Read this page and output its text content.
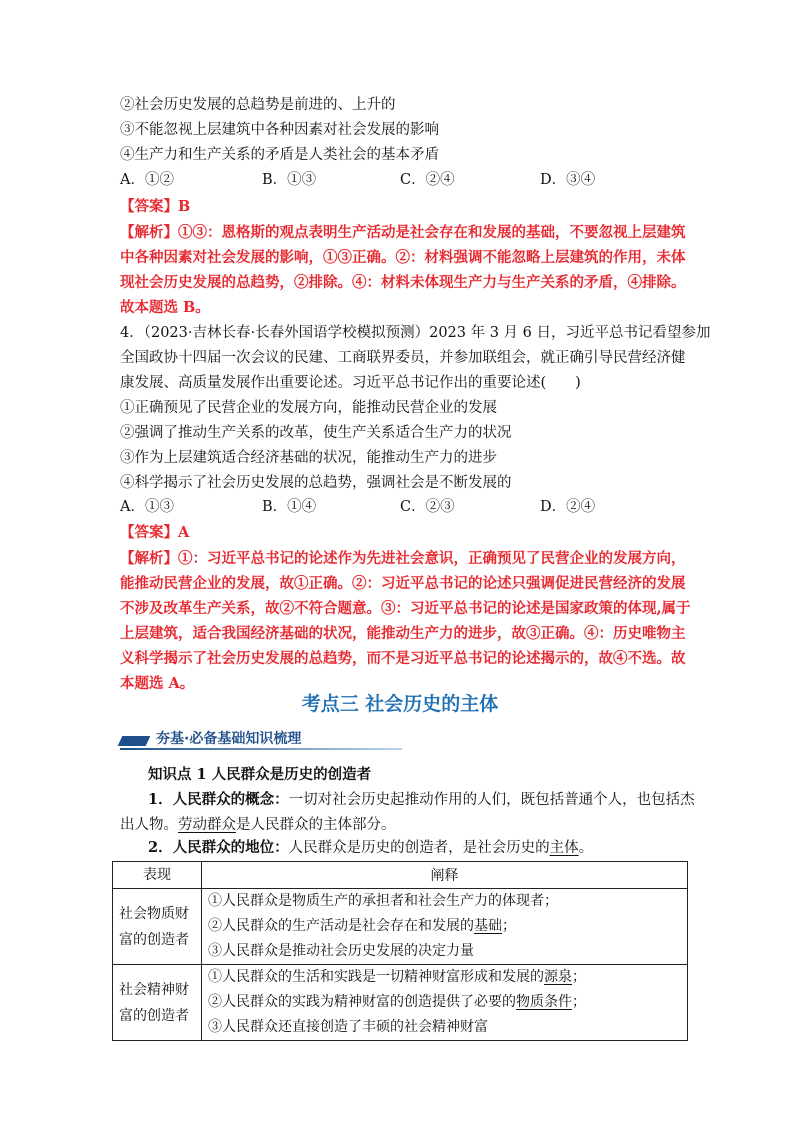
②社会历史发展的总趋势是前进的、上升的
③不能忽视上层建筑中各种因素对社会发展的影响
④生产力和生产关系的矛盾是人类社会的基本矛盾
A．①②	B．①③	C．②④	D．③④
【答案】B
【解析】①③：恩格斯的观点表明生产活动是社会存在和发展的基础，不要忽视上层建筑
中各种因素对社会发展的影响，①③正确。②：材料强调不能忽略上层建筑的作用，未体
现社会历史发展的总趋势，②排除。④：材料未体现生产力与生产关系的矛盾，④排除。
故本题选 B。
4．（2023·吉林长春·长春外国语学校模拟预测）2023 年 3 月 6 日，习近平总书记看望参加
全国政协十四届一次会议的民建、工商联界委员，并参加联组会，就正确引导民营经济健
康发展、高质量发展作出重要论述。习近平总书记作出的重要论述(　　)
①正确预见了民营企业的发展方向，能推动民营企业的发展
②强调了推动生产关系的改革，使生产关系适合生产力的状况
③作为上层建筑适合经济基础的状况，能推动生产力的进步
④科学揭示了社会历史发展的总趋势，强调社会是不断发展的
A．①③	B．①④	C．②③	D．②④
【答案】A
【解析】①：习近平总书记的论述作为先进社会意识，正确预见了民营企业的发展方向，
能推动民营企业的发展，故①正确。②：习近平总书记的论述只强调促进民营经济的发展
不涉及改革生产关系，故②不符合题意。③：习近平总书记的论述是国家政策的体现,属于
上层建筑，适合我国经济基础的状况，能推动生产力的进步，故③正确。④：历史唯物主
义科学揭示了社会历史发展的总趋势，而不是习近平总书记的论述揭示的，故④不选。故
本题选 A。
考点三 社会历史的主体
夯基·必备基础知识梳理
知识点 1 人民群众是历史的创造者
1．人民群众的概念：一切对社会历史起推动作用的人们，既包括普通个人，也包括杰
出人物。劳动群众是人民群众的主体部分。
2．人民群众的地位：人民群众是历史的创造者，是社会历史的主体。
表现	阐释

社会物质财
富的创造者	①人民群众是物质生产的承担者和社会生产力的体现者；
②人民群众的生产活动是社会存在和发展的基础；
③人民群众是推动社会历史发展的决定力量

社会精神财
富的创造者	①人民群众的生活和实践是一切精神财富形成和发展的源泉；
②人民群众的实践为精神财富的创造提供了必要的物质条件；
③人民群众还直接创造了丰硕的社会精神财富
